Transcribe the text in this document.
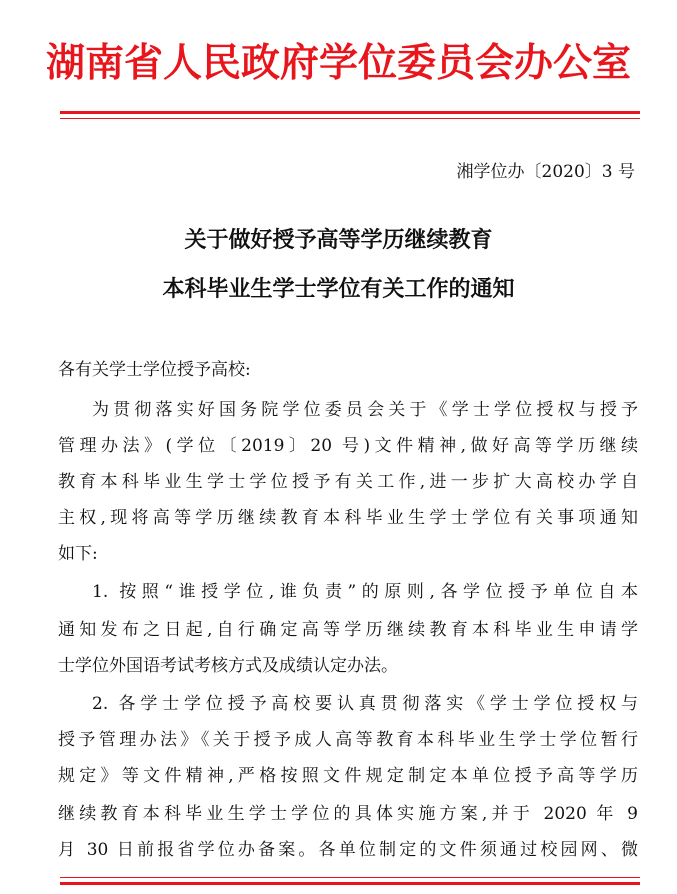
湖南省人民政府学位委员会办公室
湘学位办〔2020〕3 号
关于做好授予高等学历继续教育
本科毕业生学士学位有关工作的通知
各有关学士学位授予高校:
为贯彻落实好国务院学位委员会关于《学士学位授权与授予
管理办法》(学位〔2019〕20 号)文件精神,做好高等学历继续
教育本科毕业生学士学位授予有关工作,进一步扩大高校办学自
主权,现将高等学历继续教育本科毕业生学士学位有关事项通知
如下:
1. 按照“谁授学位,谁负责”的原则,各学位授予单位自本
通知发布之日起,自行确定高等学历继续教育本科毕业生申请学
士学位外国语考试考核方式及成绩认定办法。
2. 各学士学位授予高校要认真贯彻落实《学士学位授权与
授予管理办法》《关于授予成人高等教育本科毕业生学士学位暂行
规定》等文件精神,严格按照文件规定制定本单位授予高等学历
继续教育本科毕业生学士学位的具体实施方案,并于 2020 年 9
月 30 日前报省学位办备案。各单位制定的文件须通过校园网、微
